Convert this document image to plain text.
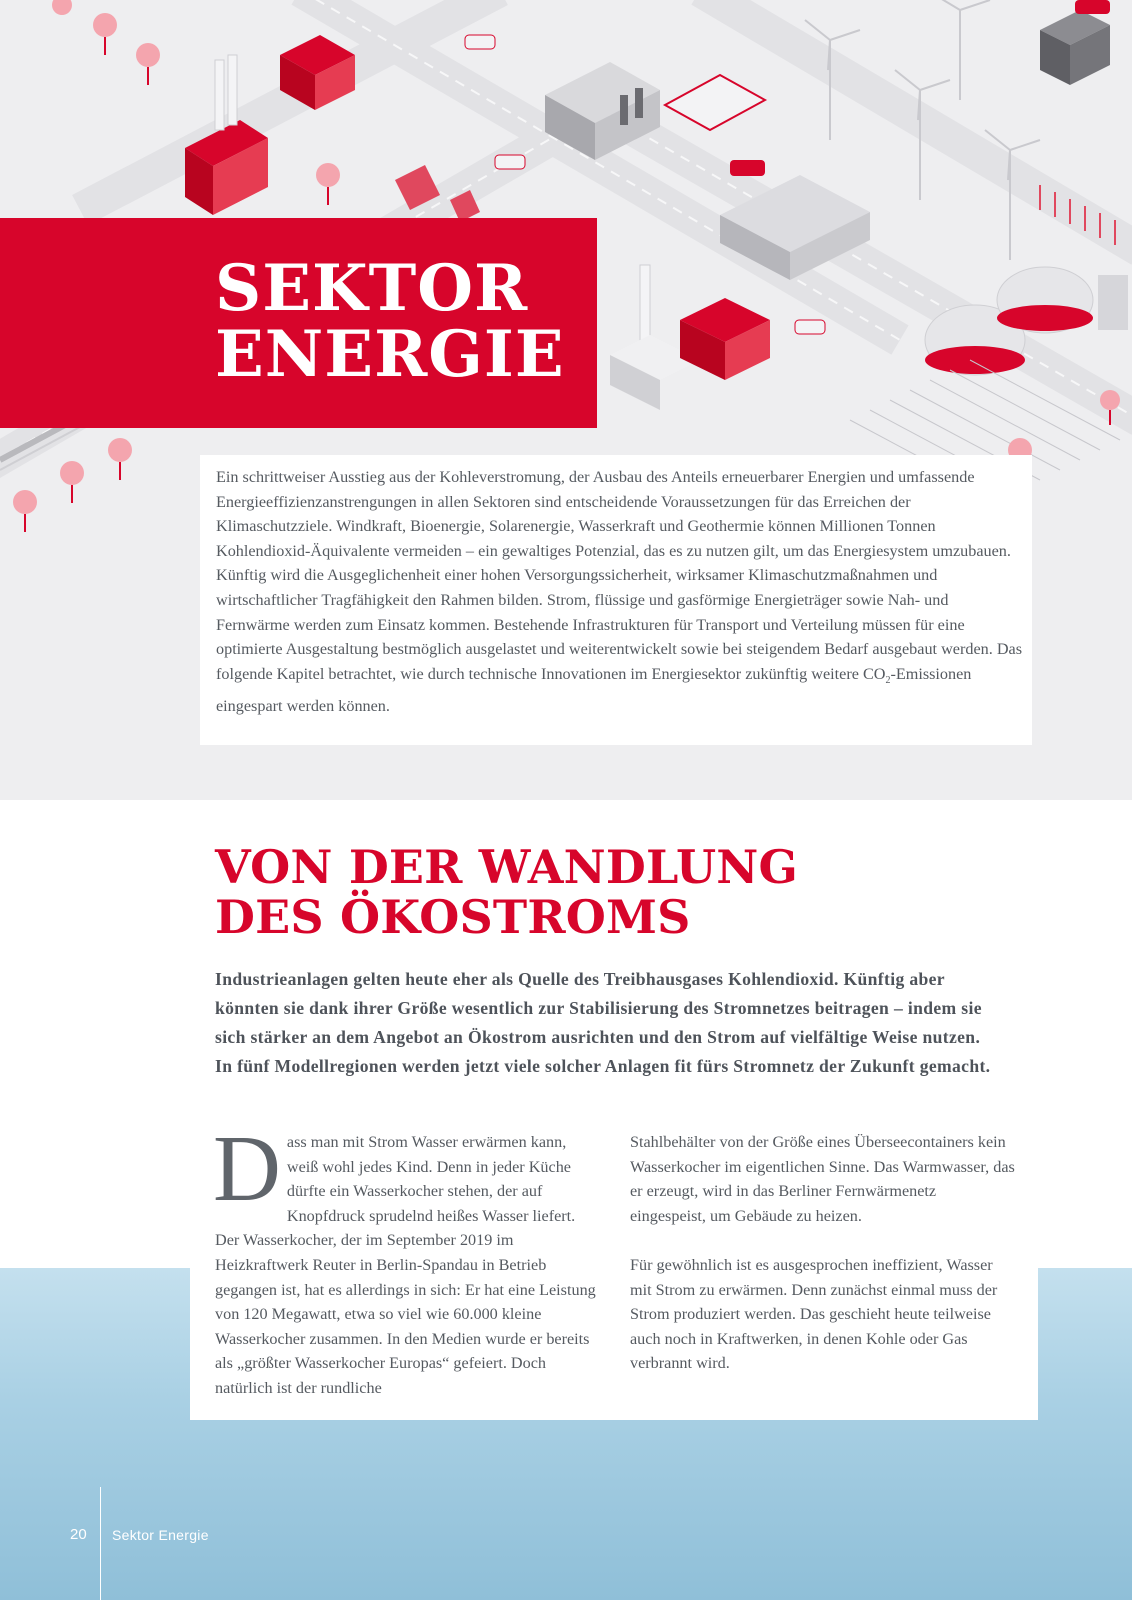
SEKTOR
ENERGIE

Ein schrittweiser Ausstieg aus der Kohleverstromung, der Ausbau des Anteils erneuerbarer Energien und umfassende Energieeffizienzanstrengungen in allen Sektoren sind entscheidende Voraussetzungen für das Erreichen der Klimaschutzziele. Windkraft, Bioenergie, Solarenergie, Wasserkraft und Geothermie können Millionen Tonnen Kohlendioxid-Äquivalente vermeiden – ein gewaltiges Potenzial, das es zu nutzen gilt, um das Energiesystem umzubauen. Künftig wird die Ausgeglichenheit einer hohen Versorgungssicherheit, wirksamer Klimaschutzmaßnahmen und wirtschaftlicher Tragfähigkeit den Rahmen bilden. Strom, flüssige und gasförmige Energieträger sowie Nah- und Fernwärme werden zum Einsatz kommen. Bestehende Infrastrukturen für Transport und Verteilung müssen für eine optimierte Ausgestaltung bestmöglich ausgelastet und weiterentwickelt sowie bei steigendem Bedarf ausgebaut werden. Das folgende Kapitel betrachtet, wie durch technische Innovationen im Energiesektor zukünftig weitere $CO_2$-Emissionen eingespart werden können.

VON DER WANDLUNG
DES ÖKOSTROMS

Industrieanlagen gelten heute eher als Quelle des Treibhausgases Kohlendioxid. Künftig aber könnten sie dank ihrer Größe wesentlich zur Stabilisierung des Stromnetzes beitragen – indem sie sich stärker an dem Angebot an Ökostrom ausrichten und den Strom auf vielfältige Weise nutzen. In fünf Modellregionen werden jetzt viele solcher Anlagen fit fürs Stromnetz der Zukunft gemacht.

Dass man mit Strom Wasser erwärmen kann, weiß wohl jedes Kind. Denn in jeder Küche dürfte ein Wasserkocher stehen, der auf Knopfdruck sprudelnd heißes Wasser liefert. Der Wasserkocher, der im September 2019 im Heizkraftwerk Reuter in Berlin-Spandau in Betrieb gegangen ist, hat es allerdings in sich: Er hat eine Leistung von 120 Megawatt, etwa so viel wie 60.000 kleine Wasserkocher zusammen. In den Medien wurde er bereits als „größter Wasserkocher Europas“ gefeiert. Doch natürlich ist der rundliche

Stahlbehälter von der Größe eines Überseecontainers kein Wasserkocher im eigentlichen Sinne. Das Warmwasser, das er erzeugt, wird in das Berliner Fernwärmenetz eingespeist, um Gebäude zu heizen.

Für gewöhnlich ist es ausgesprochen ineffizient, Wasser mit Strom zu erwärmen. Denn zunächst einmal muss der Strom produziert werden. Das geschieht heute teilweise auch noch in Kraftwerken, in denen Kohle oder Gas verbrannt wird.

20 Sektor Energie
